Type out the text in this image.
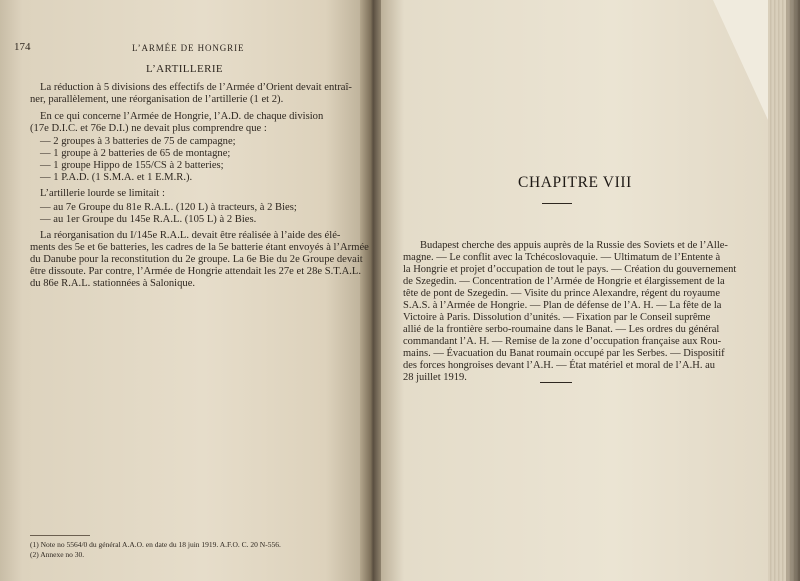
174	L’ARMÉE DE HONGRIE
L’ARTILLERIE
La réduction à 5 divisions des effectifs de l’Armée d’Orient devait entraî-
ner, parallèlement, une réorganisation de l’artillerie (1 et 2).
En ce qui concerne l’Armée de Hongrie, l’A.D. de chaque division
(17e D.I.C. et 76e D.I.) ne devait plus comprendre que :
— 2 groupes à 3 batteries de 75 de campagne;
— 1 groupe à 2 batteries de 65 de montagne;
— 1 groupe Hippo de 155/CS à 2 batteries;
— 1 P.A.D. (1 S.M.A. et 1 E.M.R.).
L’artillerie lourde se limitait :
— au 7e Groupe du 81e R.A.L. (120 L) à tracteurs, à 2 Bies;
— au 1er Groupe du 145e R.A.L. (105 L) à 2 Bies.
La réorganisation du I/145e R.A.L. devait être réalisée à l’aide des élé-
ments des 5e et 6e batteries, les cadres de la 5e batterie étant envoyés à l’Armée
du Danube pour la reconstitution du 2e groupe. La 6e Bie du 2e Groupe devait
être dissoute. Par contre, l’Armée de Hongrie attendait les 27e et 28e S.T.A.L.
du 86e R.A.L. stationnées à Salonique.
(1) Note no 5564/0 du général A.A.O. en date du 18 juin 1919. A.F.O. C. 20 N-556.
(2) Annexe no 30.
CHAPITRE VIII
Budapest cherche des appuis auprès de la Russie des Soviets et de l’Alle-
magne. — Le conflit avec la Tchécoslovaquie. — Ultimatum de l’Entente à
la Hongrie et projet d’occupation de tout le pays. — Création du gouvernement
de Szegedin. — Concentration de l’Armée de Hongrie et élargissement de la
tête de pont de Szegedin. — Visite du prince Alexandre, régent du royaume
S.A.S. à l’Armée de Hongrie. — Plan de défense de l’A. H. — La fête de la
Victoire à Paris. Dissolution d’unités. — Fixation par le Conseil suprême
allié de la frontière serbo-roumaine dans le Banat. — Les ordres du général
commandant l’A. H. — Remise de la zone d’occupation française aux Rou-
mains. — Évacuation du Banat roumain occupé par les Serbes. — Dispositif
des forces hongroises devant l’A.H. — État matériel et moral de l’A.H. au
28 juillet 1919.
